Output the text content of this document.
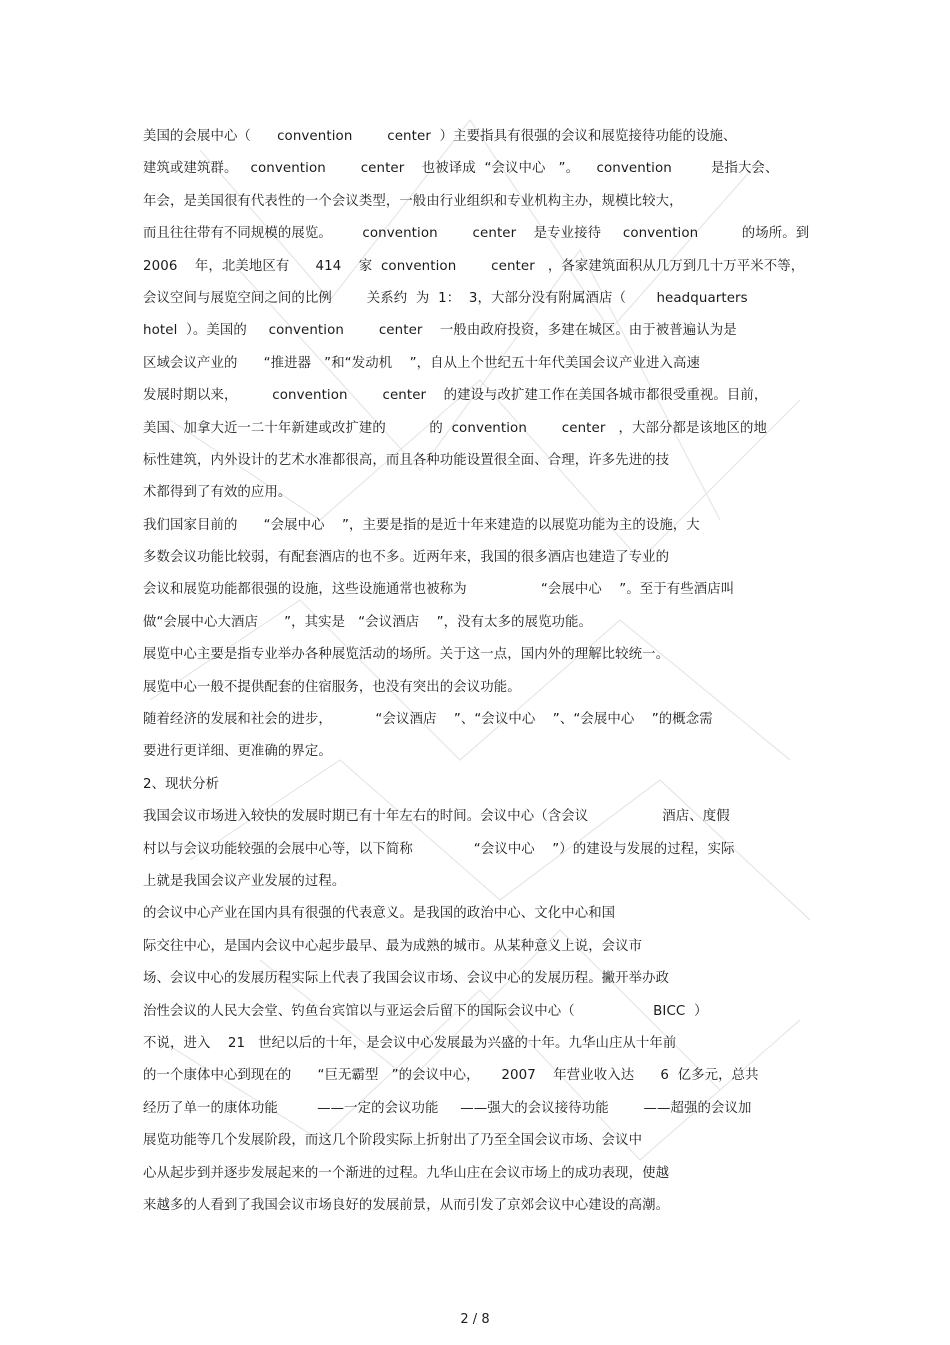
美国的会展中心（      convention        center  ）主要指具有很强的会议和展览接待功能的设施、
建筑或建筑群。   convention        center    也被译成  “会议中心   ”。    convention         是指大会、
年会，是美国很有代表性的一个会议类型，一般由行业组织和专业机构主办，规模比较大，
而且往往带有不同规模的展览。       convention        center    是专业接待     convention          的场所。到
2006    年，北美地区有      414    家  convention        center   ，各家建筑面积从几万到几十万平米不等，
会议空间与展览空间之间的比例        关系约  为  1：  3，大部分没有附属酒店（       headquarters
hotel  ）。美国的     convention        center    一般由政府投资，多建在城区。由于被普遍认为是
区域会议产业的      “推进器   ”和“发动机    ”，自从上个世纪五十年代美国会议产业进入高速
发展时期以来，        convention        center    的建设与改扩建工作在美国各城市都很受重视。目前，
美国、加拿大近一二十年新建或改扩建的          的  convention        center   ，大部分都是该地区的地
标性建筑，内外设计的艺术水准都很高，而且各种功能设置很全面、合理，许多先进的技
术都得到了有效的应用。
我们国家目前的      “会展中心    ”，主要是指的是近十年来建造的以展览功能为主的设施，大
多数会议功能比较弱，有配套酒店的也不多。近两年来，我国的很多酒店也建造了专业的
会议和展览功能都很强的设施，这些设施通常也被称为                 “会展中心    ”。至于有些酒店叫
做“会展中心大酒店      ”，其实是   “会议酒店    ”，没有太多的展览功能。
展览中心主要是指专业举办各种展览活动的场所。关于这一点，国内外的理解比较统一。
展览中心一般不提供配套的住宿服务，也没有突出的会议功能。
随着经济的发展和社会的进步，          “会议酒店    ”、“会议中心    ”、“会展中心    ”的概念需
要进行更详细、更准确的界定。
2、现状分析
我国会议市场进入较快的发展时期已有十年左右的时间。会议中心（含会议                 酒店、度假
村以与会议功能较强的会展中心等，以下简称              “会议中心    ”）的建设与发展的过程，实际
上就是我国会议产业发展的过程。
的会议中心产业在国内具有很强的代表意义。是我国的政治中心、文化中心和国
际交往中心，是国内会议中心起步最早、最为成熟的城市。从某种意义上说，会议市
场、会议中心的发展历程实际上代表了我国会议市场、会议中心的发展历程。撇开举办政
治性会议的人民大会堂、钓鱼台宾馆以与亚运会后留下的国际会议中心（                  BICC  ）
不说，进入    21   世纪以后的十年，是会议中心发展最为兴盛的十年。九华山庄从十年前
的一个康体中心到现在的      “巨无霸型   ”的会议中心，     2007    年营业收入达      6  亿多元，总共
经历了单一的康体功能         ——一定的会议功能     ——强大的会议接待功能        ——超强的会议加
展览功能等几个发展阶段，而这几个阶段实际上折射出了乃至全国会议市场、会议中
心从起步到并逐步发展起来的一个渐进的过程。九华山庄在会议市场上的成功表现，使越
来越多的人看到了我国会议市场良好的发展前景，从而引发了京郊会议中心建设的高潮。
2 / 8
